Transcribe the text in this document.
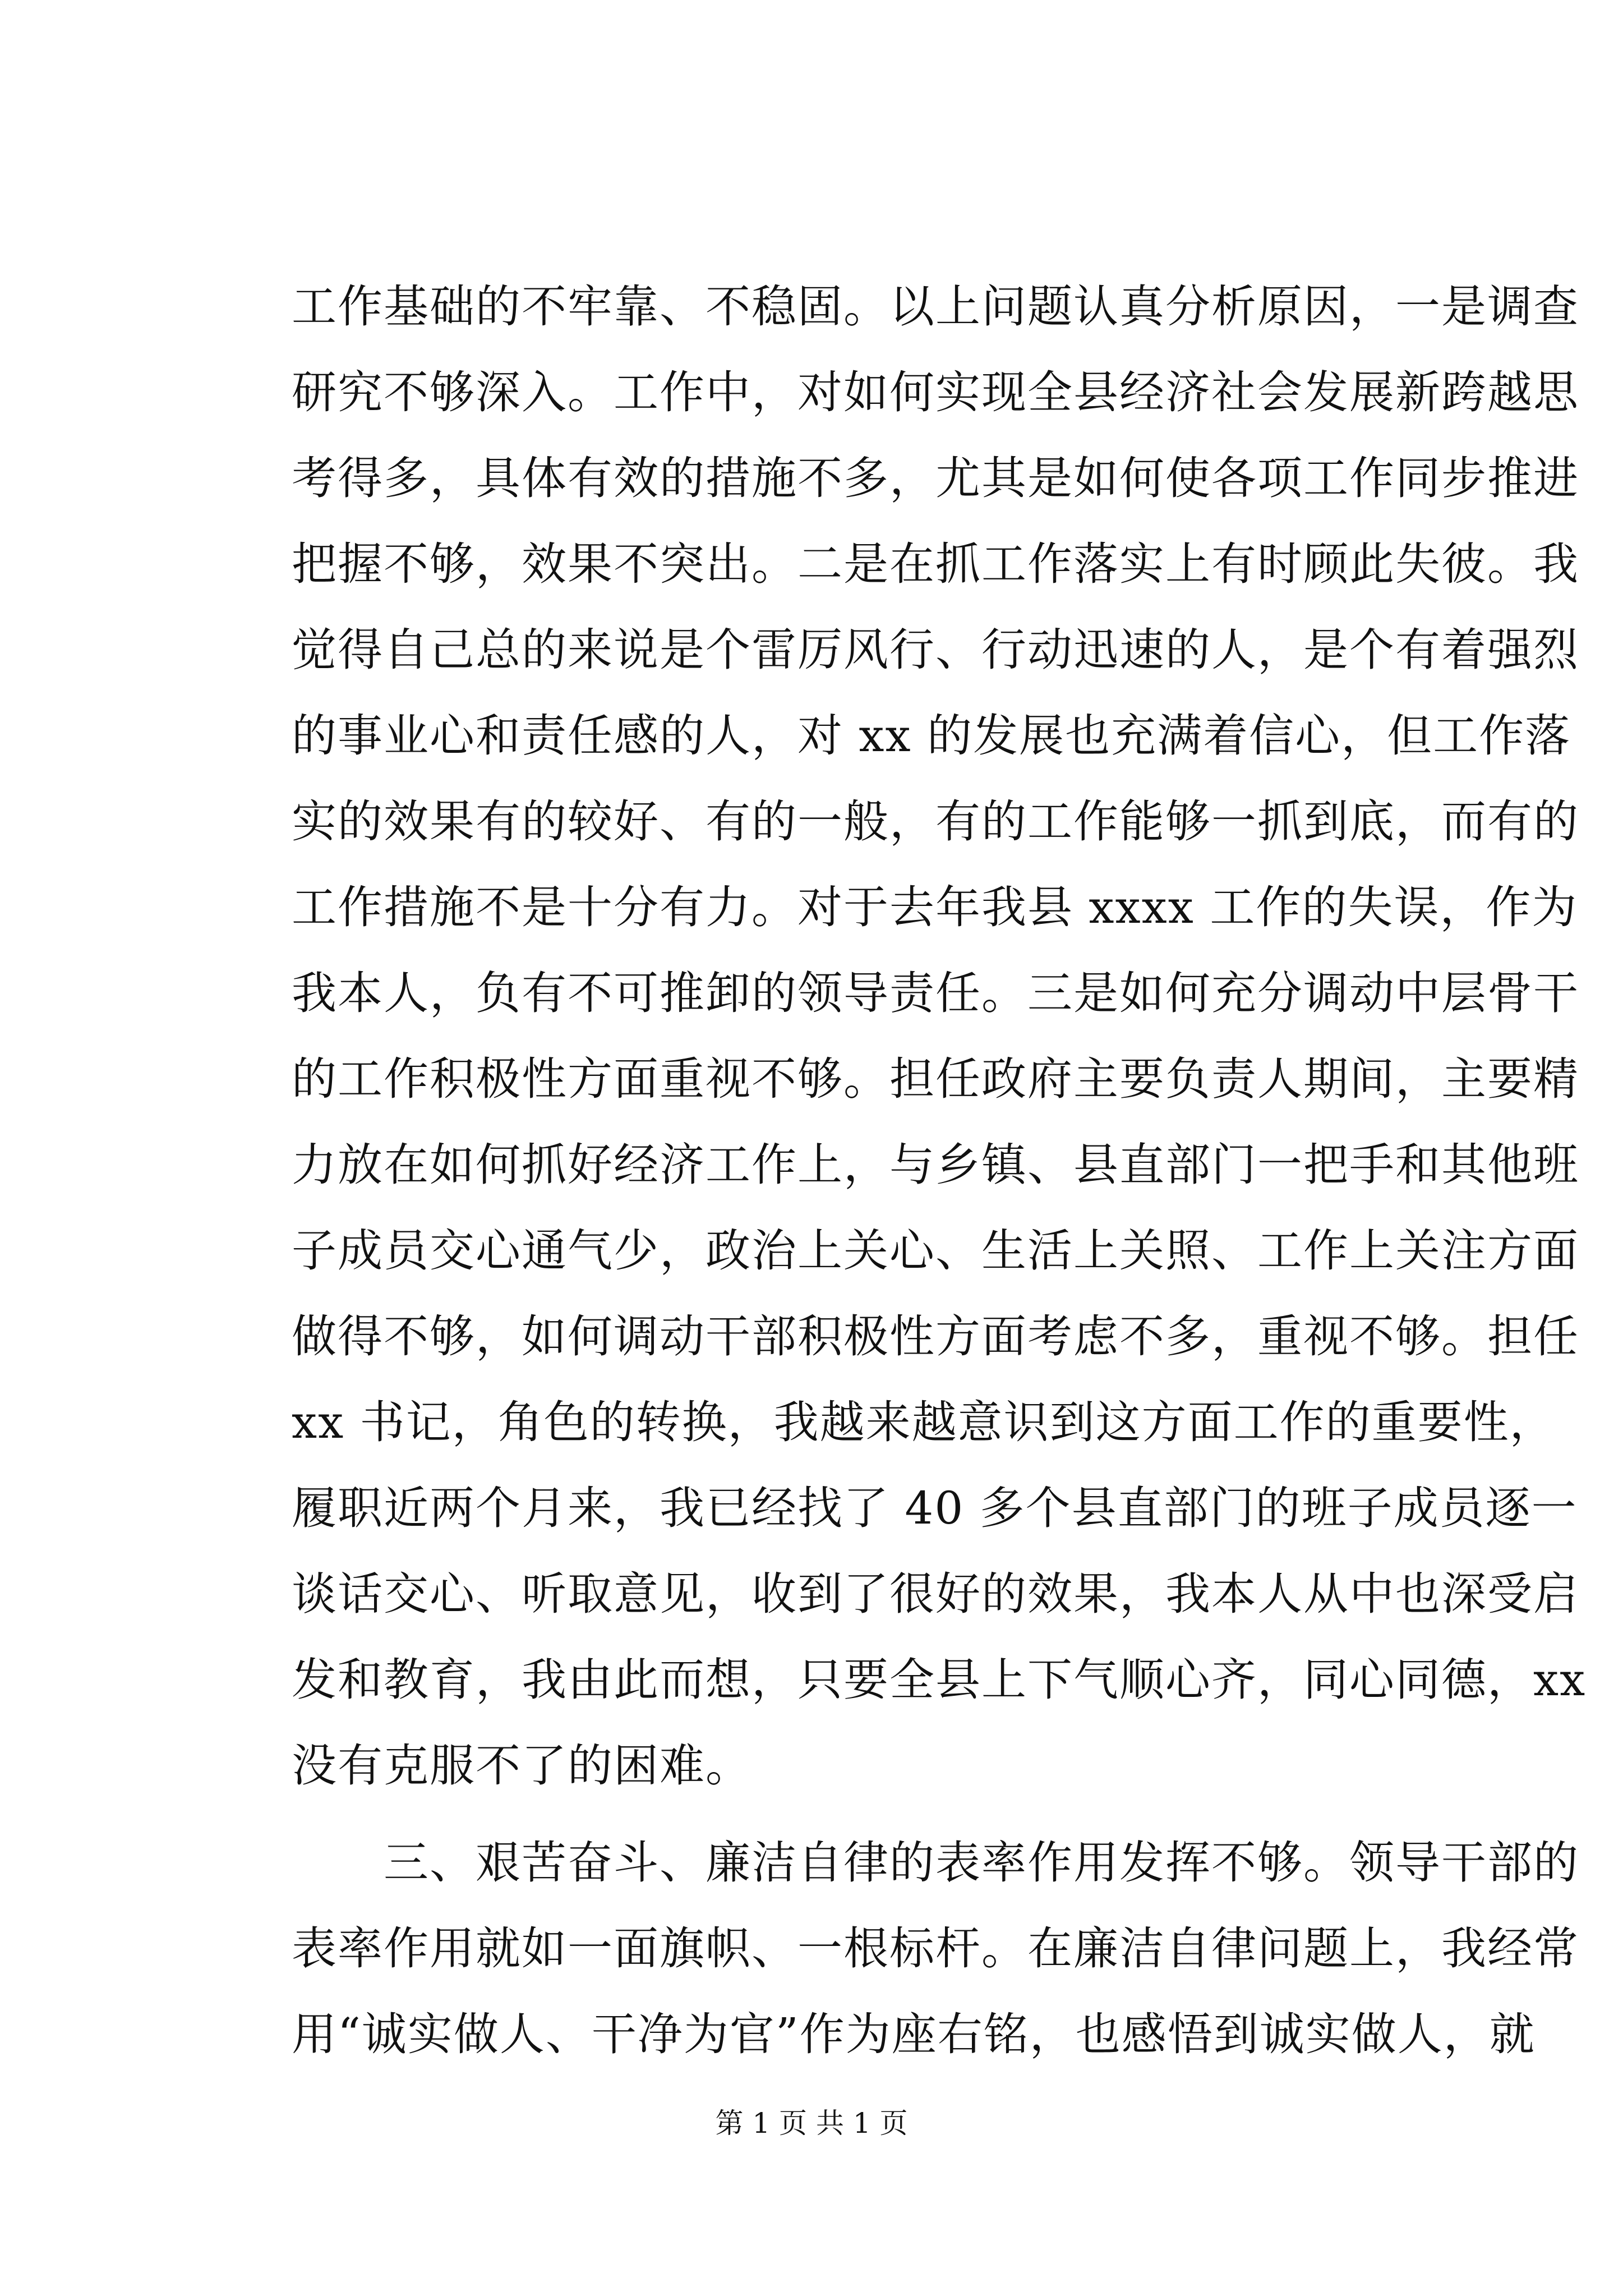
工作基础的不牢靠、不稳固。以上问题认真分析原因，一是调查
研究不够深入。工作中，对如何实现全县经济社会发展新跨越思
考得多，具体有效的措施不多，尤其是如何使各项工作同步推进
把握不够，效果不突出。二是在抓工作落实上有时顾此失彼。我
觉得自己总的来说是个雷厉风行、行动迅速的人，是个有着强烈
的事业心和责任感的人，对 xx 的发展也充满着信心，但工作落
实的效果有的较好、有的一般，有的工作能够一抓到底，而有的
工作措施不是十分有力。对于去年我县 xxxx 工作的失误，作为
我本人，负有不可推卸的领导责任。三是如何充分调动中层骨干
的工作积极性方面重视不够。担任政府主要负责人期间，主要精
力放在如何抓好经济工作上，与乡镇、县直部门一把手和其他班
子成员交心通气少，政治上关心、生活上关照、工作上关注方面
做得不够，如何调动干部积极性方面考虑不多，重视不够。担任
xx 书记，角色的转换，我越来越意识到这方面工作的重要性，
履职近两个月来，我已经找了 40 多个县直部门的班子成员逐一
谈话交心、听取意见，收到了很好的效果，我本人从中也深受启
发和教育，我由此而想，只要全县上下气顺心齐，同心同德，xx
没有克服不了的困难。
　　三、艰苦奋斗、廉洁自律的表率作用发挥不够。领导干部的
表率作用就如一面旗帜、一根标杆。在廉洁自律问题上，我经常
用“诚实做人、干净为官”作为座右铭，也感悟到诚实做人，就
第 1 页 共 1 页
